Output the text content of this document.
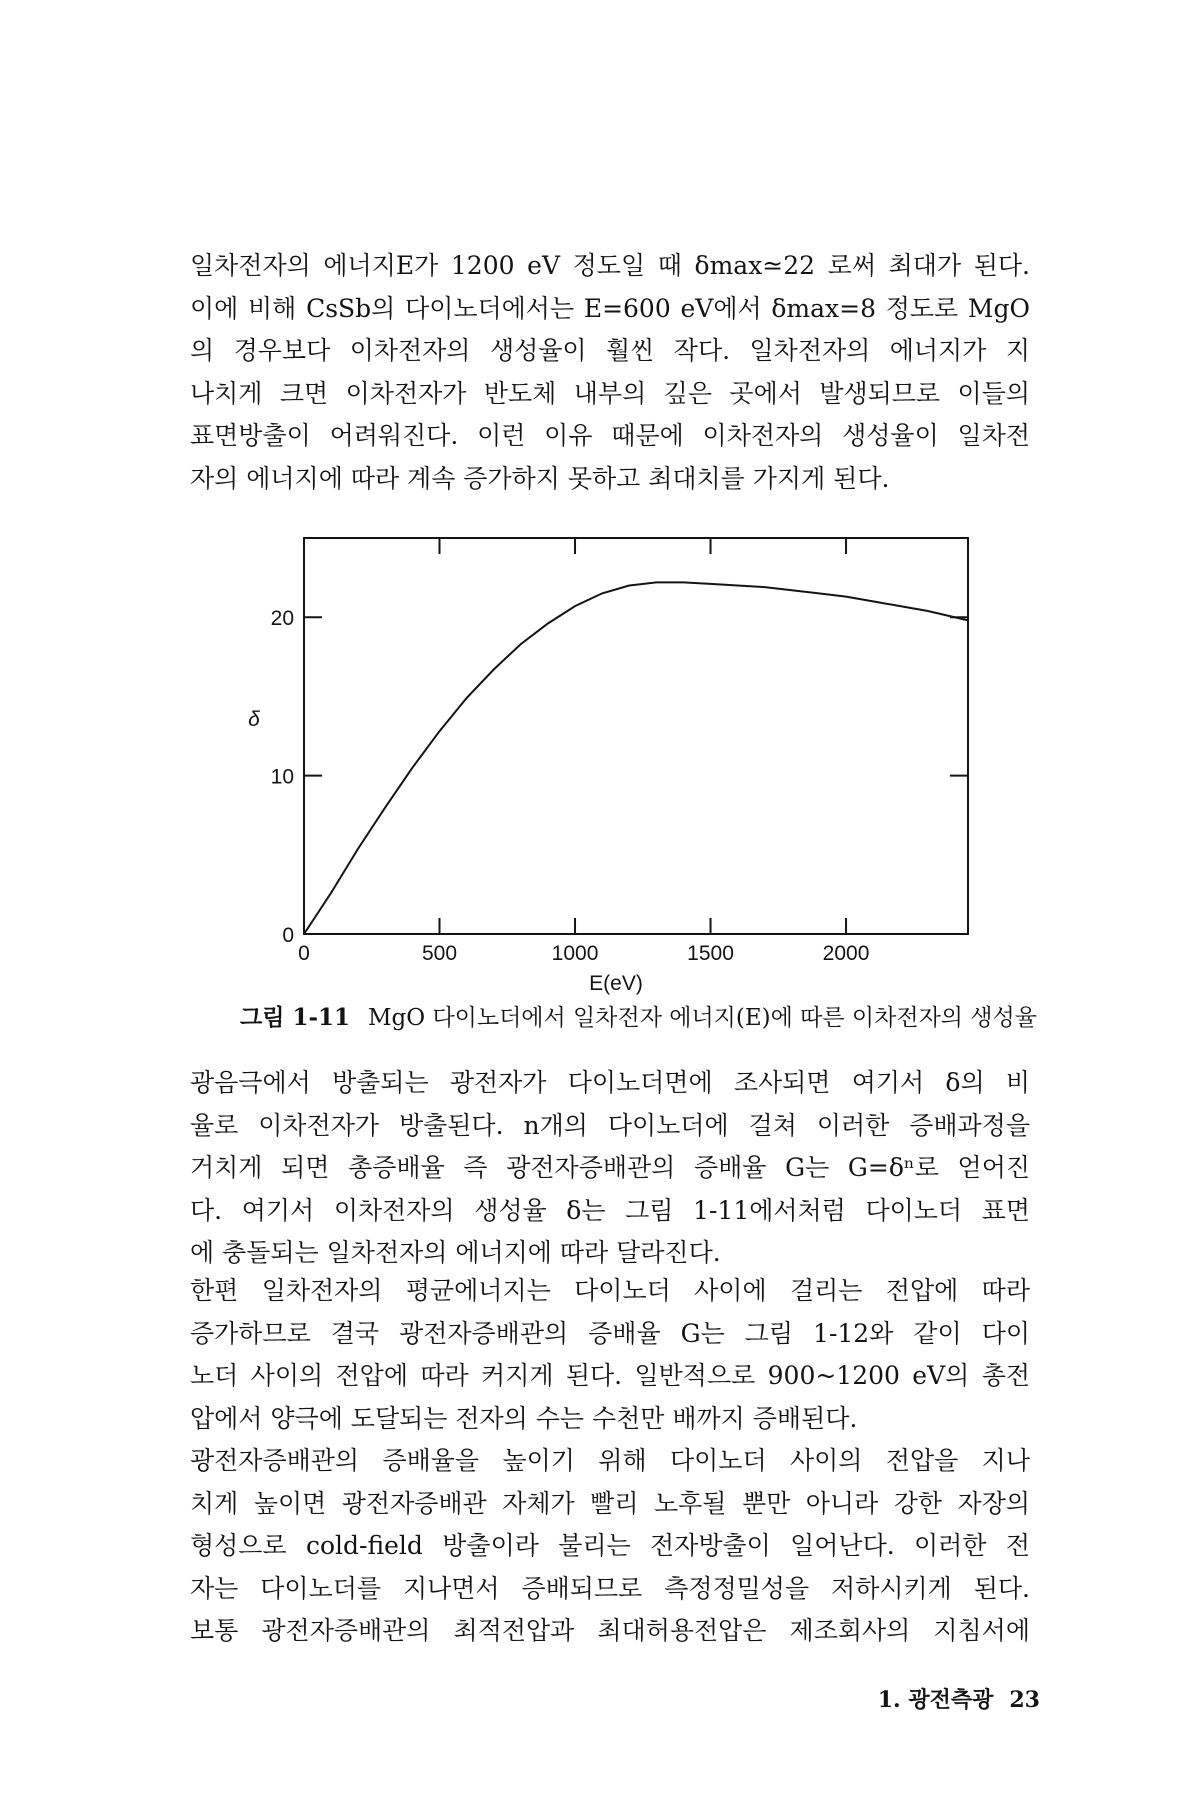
일차전자의 에너지E가 1200 eV 정도일 때 δmax≃22 로써 최대가 된다.
이에 비해 CsSb의 다이노더에서는 E=600 eV에서 δmax=8 정도로 MgO
의 경우보다 이차전자의 생성율이 훨씬 작다. 일차전자의 에너지가 지
나치게 크면 이차전자가 반도체 내부의 깊은 곳에서 발생되므로 이들의
표면방출이 어려워진다. 이런 이유 때문에 이차전자의 생성율이 일차전
자의 에너지에 따라 계속 증가하지 못하고 최대치를 가지게 된다.

0	500	1000	1500	2000
0
10
20
E(eV)
δ
그림 1-11 MgO 다이노더에서 일차전자 에너지(E)에 따른 이차전자의 생성율

광음극에서 방출되는 광전자가 다이노더면에 조사되면 여기서 δ의 비
율로 이차전자가 방출된다. n개의 다이노더에 걸쳐 이러한 증배과정을
거치게 되면 총증배율 즉 광전자증배관의 증배율 G는 G=δⁿ로 얻어진
다. 여기서 이차전자의 생성율 δ는 그림 1-11에서처럼 다이노더 표면
에 충돌되는 일차전자의 에너지에 따라 달라진다.

한편 일차전자의 평균에너지는 다이노더 사이에 걸리는 전압에 따라
증가하므로 결국 광전자증배관의 증배율 G는 그림 1-12와 같이 다이
노더 사이의 전압에 따라 커지게 된다. 일반적으로 900~1200 eV의 총전
압에서 양극에 도달되는 전자의 수는 수천만 배까지 증배된다.

광전자증배관의 증배율을 높이기 위해 다이노더 사이의 전압을 지나
치게 높이면 광전자증배관 자체가 빨리 노후될 뿐만 아니라 강한 자장의
형성으로 cold-field 방출이라 불리는 전자방출이 일어난다. 이러한 전
자는 다이노더를 지나면서 증배되므로 측정정밀성을 저하시키게 된다.
보통 광전자증배관의 최적전압과 최대허용전압은 제조회사의 지침서에

1. 광전측광 23
